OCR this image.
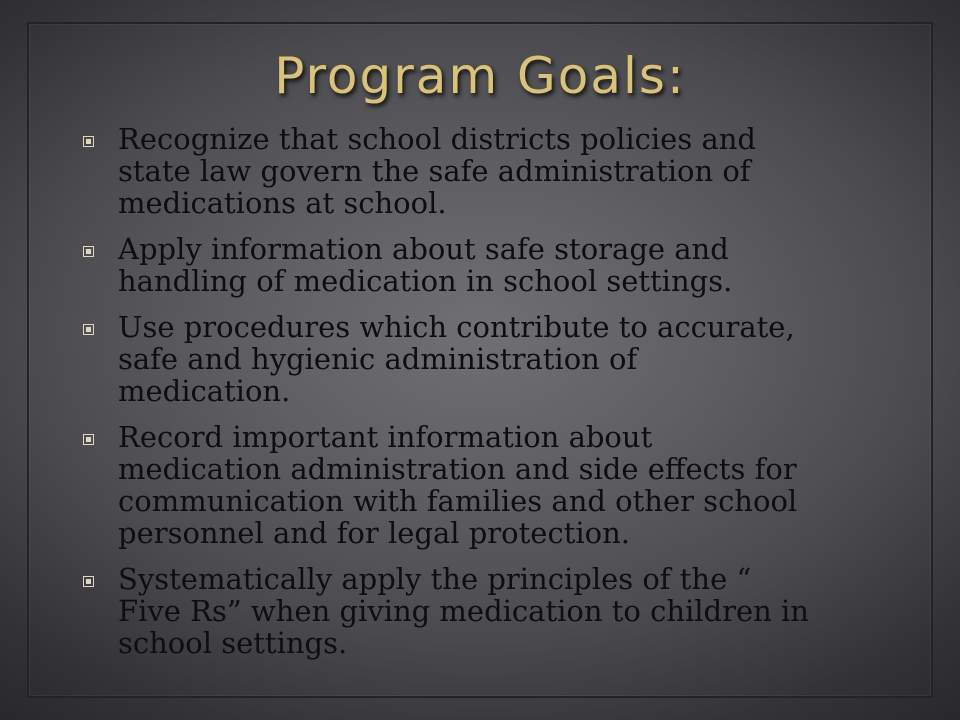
Program Goals:
Recognize that school districts policies and
state law govern the safe administration of
medications at school.
Apply information about safe storage and
handling of medication in school settings.
Use procedures which contribute to accurate,
safe and hygienic administration of
medication.
Record important information about
medication administration and side effects for
communication with families and other school
personnel and for legal protection.
Systematically apply the principles of the “
Five Rs” when giving medication to children in
school settings.
